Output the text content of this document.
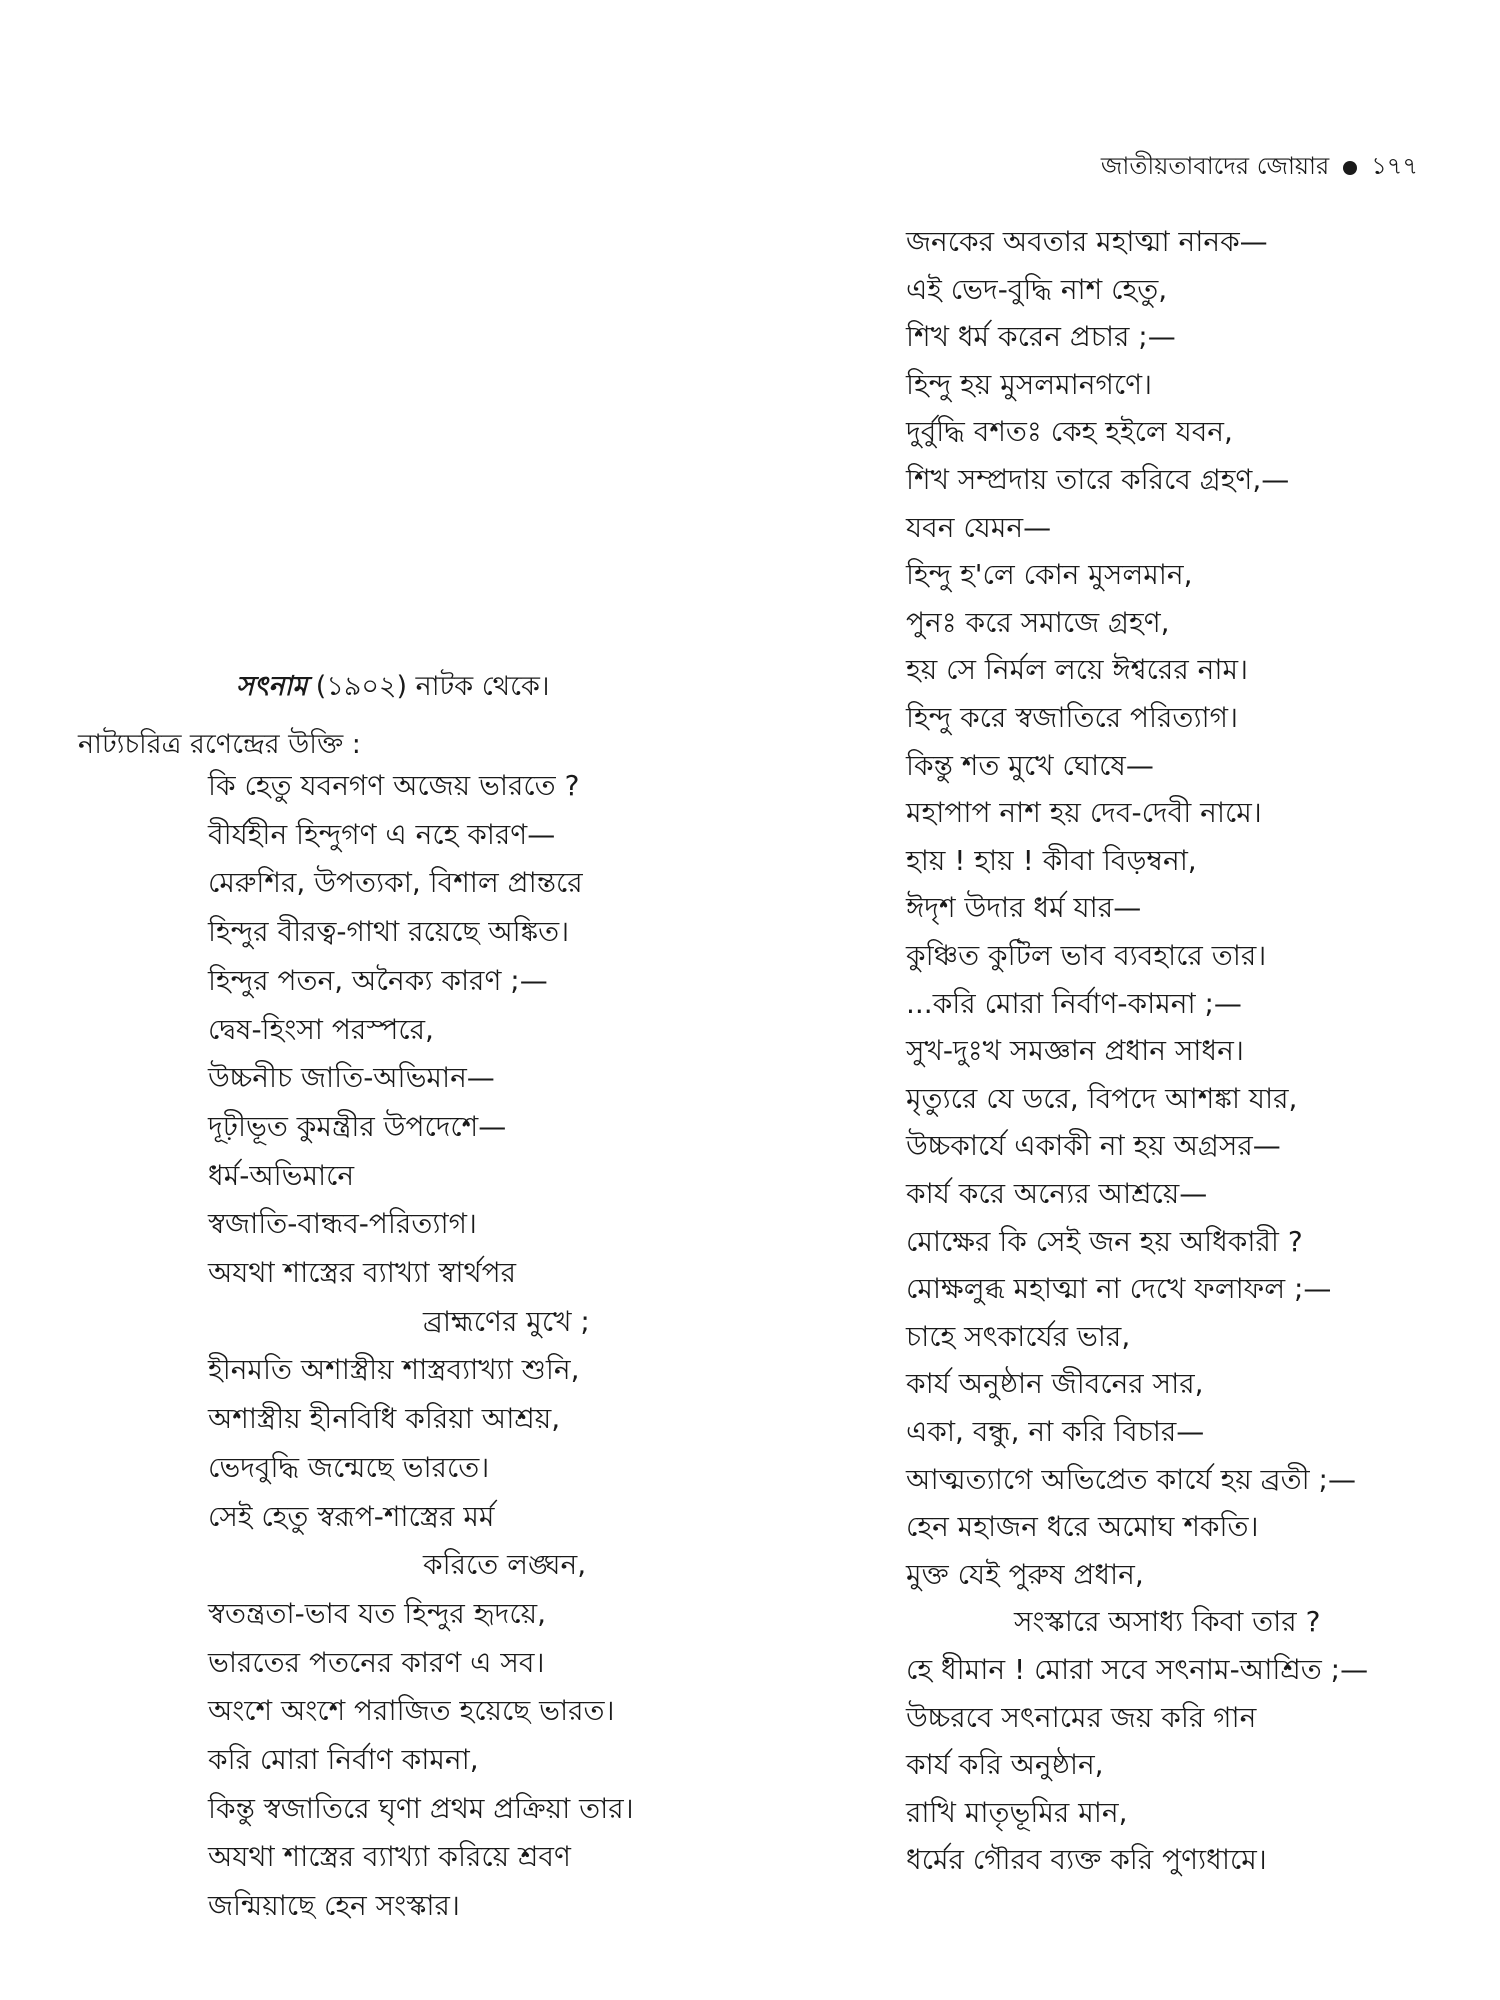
জাতীয়তাবাদের জোয়ার ১৭৭
সৎনাম (১৯০২) নাটক থেকে।
নাট্যচরিত্র রণেন্দ্রের উক্তি :
কি হেতু যবনগণ অজেয় ভারতে ?
বীর্যহীন হিন্দুগণ এ নহে কারণ—
মেরুশির, উপত্যকা, বিশাল প্রান্তরে
হিন্দুর বীরত্ব-গাথা রয়েছে অঙ্কিত।
হিন্দুর পতন, অনৈক্য কারণ ;—
দ্বেষ-হিংসা পরস্পরে,
উচ্চনীচ জাতি-অভিমান—
দূঢ়ীভূত কুমন্ত্রীর উপদেশে—
ধর্ম-অভিমানে
স্বজাতি-বান্ধব-পরিত্যাগ।
অযথা শাস্ত্রের ব্যাখ্যা স্বার্থপর
ব্রাহ্মণের মুখে ;
হীনমতি অশাস্ত্রীয় শাস্ত্রব্যাখ্যা শুনি,
অশাস্ত্রীয় হীনবিধি করিয়া আশ্রয়,
ভেদবুদ্ধি জন্মেছে ভারতে।
সেই হেতু স্বরূপ-শাস্ত্রের মর্ম
করিতে লঙ্ঘন,
স্বতন্ত্রতা-ভাব যত হিন্দুর হৃদয়ে,
ভারতের পতনের কারণ এ সব।
অংশে অংশে পরাজিত হয়েছে ভারত।
করি মোরা নির্বাণ কামনা,
কিন্তু স্বজাতিরে ঘৃণা প্রথম প্রক্রিয়া তার।
অযথা শাস্ত্রের ব্যাখ্যা করিয়ে শ্রবণ
জন্মিয়াছে হেন সংস্কার।
জনকের অবতার মহাত্মা নানক—
এই ভেদ-বুদ্ধি নাশ হেতু,
শিখ ধর্ম করেন প্রচার ;—
হিন্দু হয় মুসলমানগণে।
দুর্বুদ্ধি বশতঃ কেহ হইলে যবন,
শিখ সম্প্রদায় তারে করিবে গ্রহণ,—
যবন যেমন—
হিন্দু হ'লে কোন মুসলমান,
পুনঃ করে সমাজে গ্রহণ,
হয় সে নির্মল লয়ে ঈশ্বরের নাম।
হিন্দু করে স্বজাতিরে পরিত্যাগ।
কিন্তু শত মুখে ঘোষে—
মহাপাপ নাশ হয় দেব-দেবী নামে।
হায় ! হায় ! কীবা বিড়ম্বনা,
ঈদৃশ উদার ধর্ম যার—
কুঞ্চিত কুটিল ভাব ব্যবহারে তার।
...করি মোরা নির্বাণ-কামনা ;—
সুখ-দুঃখ সমজ্ঞান প্রধান সাধন।
মৃত্যুরে যে ডরে, বিপদে আশঙ্কা যার,
উচ্চকার্যে একাকী না হয় অগ্রসর—
কার্য করে অন্যের আশ্রয়ে—
মোক্ষের কি সেই জন হয় অধিকারী ?
মোক্ষলুব্ধ মহাত্মা না দেখে ফলাফল ;—
চাহে সৎকার্যের ভার,
কার্য অনুষ্ঠান জীবনের সার,
একা, বন্ধু, না করি বিচার—
আত্মত্যাগে অভিপ্রেত কার্যে হয় ব্রতী ;—
হেন মহাজন ধরে অমোঘ শকতি।
মুক্ত যেই পুরুষ প্রধান,
সংস্কারে অসাধ্য কিবা তার ?
হে ধীমান ! মোরা সবে সৎনাম-আশ্রিত ;—
উচ্চরবে সৎনামের জয় করি গান
কার্য করি অনুষ্ঠান,
রাখি মাতৃভূমির মান,
ধর্মের গৌরব ব্যক্ত করি পুণ্যধামে।
